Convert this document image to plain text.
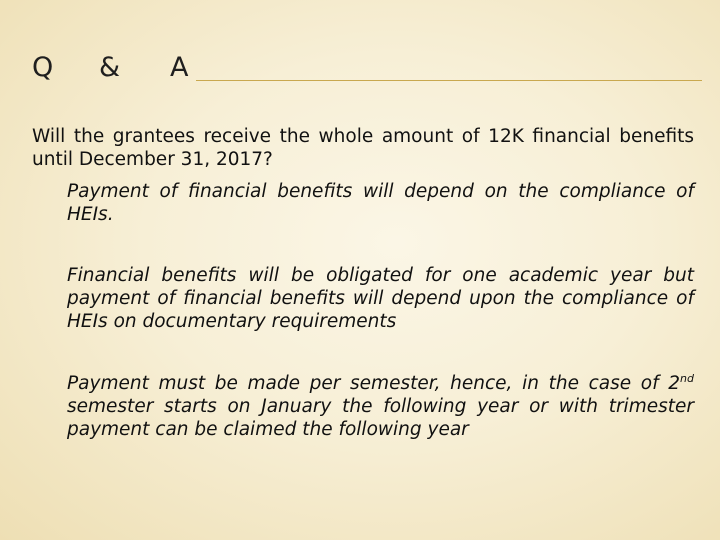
Q & A

Will the grantees receive the whole amount of 12K financial benefits until December 31, 2017?

Payment of financial benefits will depend on the compliance of HEIs.

Financial benefits will be obligated for one academic year but payment of financial benefits will depend upon the compliance of HEIs on documentary requirements

Payment must be made per semester, hence, in the case of 2nd semester starts on January the following year or with trimester payment can be claimed the following year
